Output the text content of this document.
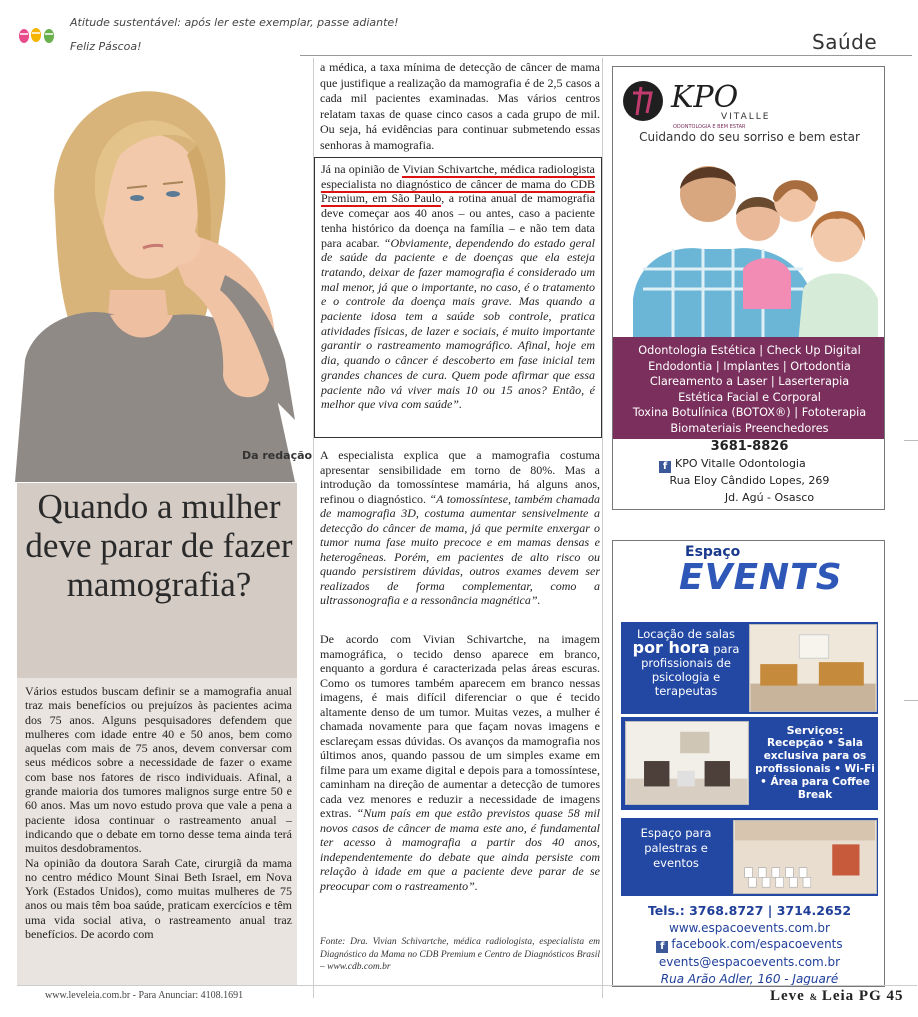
Atitude sustentável: após ler este exemplar, passe adiante!
Feliz Páscoa!	Saúde
Da redação
Quando a mulher deve parar de fazer mamografia?

Vários estudos buscam definir se a mamografia anual traz mais benefícios ou prejuízos às pacientes acima dos 75 anos. Alguns pesquisadores defendem que mulheres com idade entre 40 e 50 anos, bem como aquelas com mais de 75 anos, devem conversar com seus médicos sobre a necessidade de fazer o exame com base nos fatores de risco individuais. Afinal, a grande maioria dos tumores malignos surge entre 50 e 60 anos. Mas um novo estudo prova que vale a pena a paciente idosa continuar o rastreamento anual – indicando que o debate em torno desse tema ainda terá muitos desdobramentos.

Na opinião da doutora Sarah Cate, cirurgiã da mama no centro médico Mount Sinai Beth Israel, em Nova York (Estados Unidos), como muitas mulheres de 75 anos ou mais têm boa saúde, praticam exercícios e têm uma vida social ativa, o rastreamento anual traz benefícios. De acordo com

a médica, a taxa mínima de detecção de câncer de mama que justifique a realização da mamografia é de 2,5 casos a cada mil pacientes examinadas. Mas vários centros relatam taxas de quase cinco casos a cada grupo de mil. Ou seja, há evidências para continuar submetendo essas senhoras à mamografia.
Já na opinião de Vivian Schivartche, médica radiologista especialista no diagnóstico de câncer de mama do CDB Premium, em São Paulo, a rotina anual de mamografia deve começar aos 40 anos – ou antes, caso a paciente tenha histórico da doença na família – e não tem data para acabar. “Obviamente, dependendo do estado geral de saúde da paciente e de doenças que ela esteja tratando, deixar de fazer mamografia é considerado um mal menor, já que o importante, no caso, é o tratamento e o controle da doença mais grave. Mas quando a paciente idosa tem a saúde sob controle, pratica atividades físicas, de lazer e sociais, é muito importante garantir o rastreamento mamográfico. Afinal, hoje em dia, quando o câncer é descoberto em fase inicial tem grandes chances de cura. Quem pode afirmar que essa paciente não vá viver mais 10 ou 15 anos? Então, é melhor que viva com saúde”.
A especialista explica que a mamografia costuma apresentar sensibilidade em torno de 80%. Mas a introdução da tomossíntese mamária, há alguns anos, refinou o diagnóstico. “A tomossíntese, também chamada de mamografia 3D, costuma aumentar sensivelmente a detecção do câncer de mama, já que permite enxergar o tumor numa fase muito precoce e em mamas densas e heterogêneas. Porém, em pacientes de alto risco ou quando persistirem dúvidas, outros exames devem ser realizados de forma complementar, como a ultrassonografia e a ressonância magnética”.
De acordo com Vivian Schivartche, na imagem mamográfica, o tecido denso aparece em branco, enquanto a gordura é caracterizada pelas áreas escuras. Como os tumores também aparecem em branco nessas imagens, é mais difícil diferenciar o que é tecido altamente denso de um tumor. Muitas vezes, a mulher é chamada novamente para que façam novas imagens e esclareçam essas dúvidas. Os avanços da mamografia nos últimos anos, quando passou de um simples exame em filme para um exame digital e depois para a tomossíntese, caminham na direção de aumentar a detecção de tumores cada vez menores e reduzir a necessidade de imagens extras. “Num país em que estão previstos quase 58 mil novos casos de câncer de mama este ano, é fundamental ter acesso à mamografia a partir dos 40 anos, independentemente do debate que ainda persiste com relação à idade em que a paciente deve parar de se preocupar com o rastreamento”.
Fonte: Dra. Vivian Schivartche, médica radiologista, especialista em Diagnóstico da Mama no CDB Premium e Centro de Diagnósticos Brasil – www.cdb.com.br
KPO
VITALLE
ODONTOLOGIA E BEM ESTAR
Cuidando do seu sorriso e bem estar
Odontologia Estética | Check Up Digital
Endodontia | Implantes | Ortodontia
Clareamento a Laser | Laserterapia
Estética Facial e Corporal
Toxina Botulínica (BOTOX®) | Fototerapia
Biomateriais Preenchedores
3681-8826
f KPO Vitalle Odontologia
Rua Eloy Cândido Lopes, 269
Jd. Agú - Osasco
Espaço
EVENTS
Locação de salas
por hora para profissionais de psicologia e terapeutas
Serviços:
Recepção • Sala exclusiva para os profissionais • Wi-Fi • Área para Coffee Break
Espaço para palestras e eventos
Tels.: 3768.8727 | 3714.2652
www.espacoevents.com.br
f facebook.com/espacoevents
events@espacoevents.com.br
Rua Arão Adler, 160 - Jaguaré
www.leveleia.com.br - Para Anunciar: 4108.1691	Leve & Leia PG 45
